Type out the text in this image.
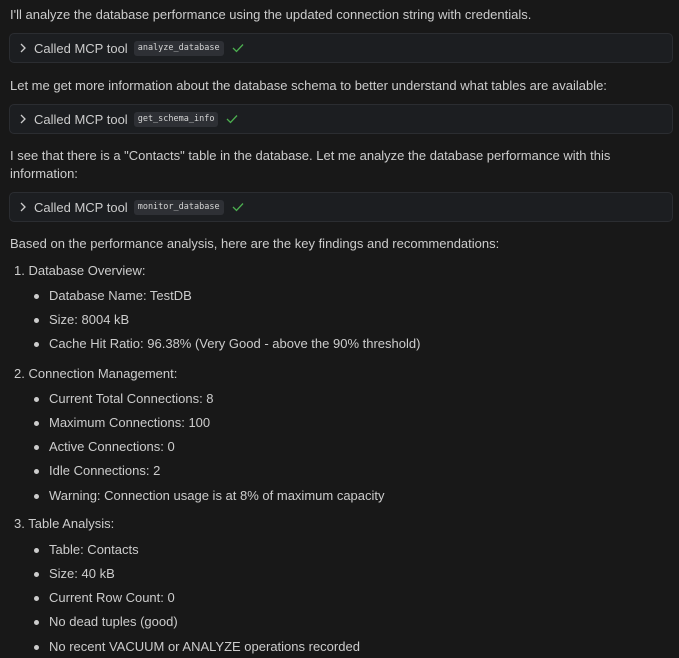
I'll analyze the database performance using the updated connection string with credentials.
Called MCP tool	analyze_database
Let me get more information about the database schema to better understand what tables are available:
Called MCP tool	get_schema_info
I see that there is a "Contacts" table in the database. Let me analyze the database performance with this information:
Called MCP tool	monitor_database
Based on the performance analysis, here are the key findings and recommendations:
1. Database Overview:
Database Name: TestDB
Size: 8004 kB
Cache Hit Ratio: 96.38% (Very Good - above the 90% threshold)
2. Connection Management:
Current Total Connections: 8
Maximum Connections: 100
Active Connections: 0
Idle Connections: 2
Warning: Connection usage is at 8% of maximum capacity
3. Table Analysis:
Table: Contacts
Size: 40 kB
Current Row Count: 0
No dead tuples (good)
No recent VACUUM or ANALYZE operations recorded
